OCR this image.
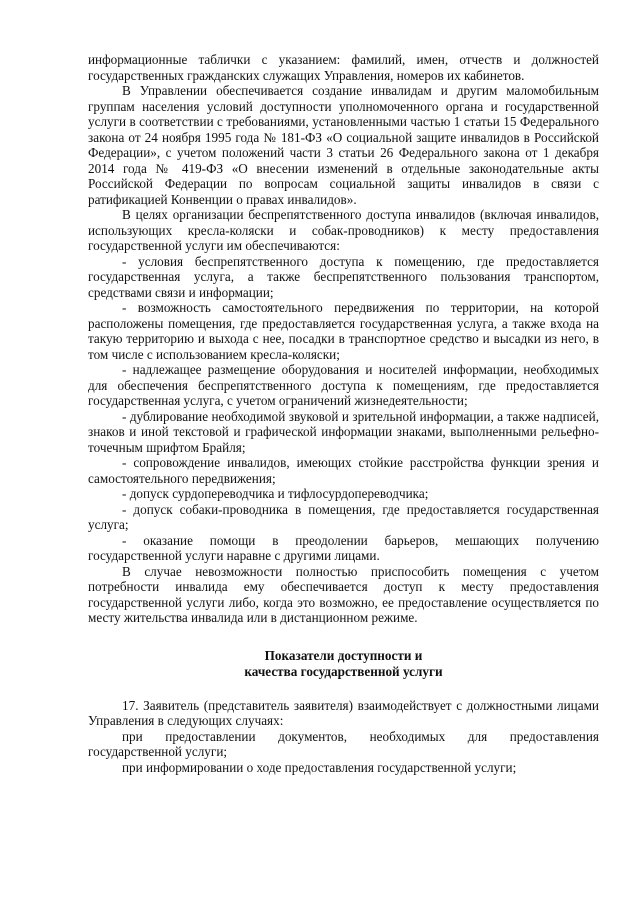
информационные таблички с указанием: фамилий, имен, отчеств и должностей государственных гражданских служащих Управления, номеров их кабинетов.

В Управлении обеспечивается создание инвалидам и другим маломобильным группам населения условий доступности уполномоченного органа и государственной услуги в соответствии с требованиями, установленными частью 1 статьи 15 Федерального закона от 24 ноября 1995 года № 181-ФЗ «О социальной защите инвалидов в Российской Федерации», с учетом положений части 3 статьи 26 Федерального закона от 1 декабря 2014 года № 419-ФЗ «О внесении изменений в отдельные законодательные акты Российской Федерации по вопросам социальной защиты инвалидов в связи с ратификацией Конвенции о правах инвалидов».

В целях организации беспрепятственного доступа инвалидов (включая инвалидов, использующих кресла-коляски и собак-проводников) к месту предоставления государственной услуги им обеспечиваются:

- условия беспрепятственного доступа к помещению, где предоставляется государственная услуга, а также беспрепятственного пользования транспортом, средствами связи и информации;

- возможность самостоятельного передвижения по территории, на которой расположены помещения, где предоставляется государственная услуга, а также входа на такую территорию и выхода с нее, посадки в транспортное средство и высадки из него, в том числе с использованием кресла-коляски;

- надлежащее размещение оборудования и носителей информации, необходимых для обеспечения беспрепятственного доступа к помещениям, где предоставляется государственная услуга, с учетом ограничений жизнедеятельности;

- дублирование необходимой звуковой и зрительной информации, а также надписей, знаков и иной текстовой и графической информации знаками, выполненными рельефно-точечным шрифтом Брайля;

- сопровождение инвалидов, имеющих стойкие расстройства функции зрения и самостоятельного передвижения;

- допуск сурдопереводчика и тифлосурдопереводчика;

- допуск собаки-проводника в помещения, где предоставляется государственная услуга;

- оказание помощи в преодолении барьеров, мешающих получению государственной услуги наравне с другими лицами.

В случае невозможности полностью приспособить помещения с учетом потребности инвалида ему обеспечивается доступ к месту предоставления государственной услуги либо, когда это возможно, ее предоставление осуществляется по месту жительства инвалида или в дистанционном режиме.

Показатели доступности и
качества государственной услуги

17. Заявитель (представитель заявителя) взаимодействует с должностными лицами Управления в следующих случаях:

при предоставлении документов, необходимых для предоставления государственной услуги;

при информировании о ходе предоставления государственной услуги;
